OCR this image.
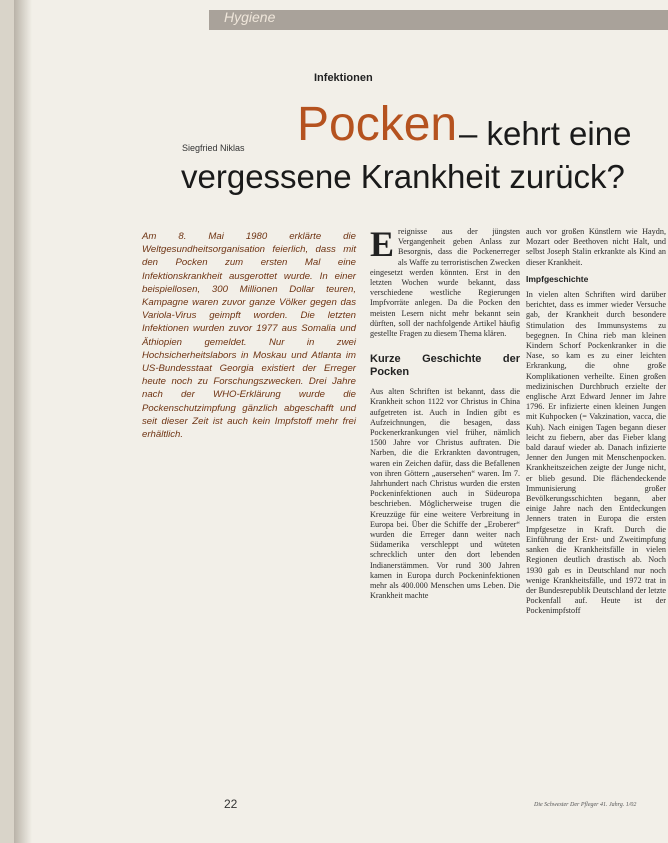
Hygiene
Infektionen
Siegfried Niklas Pocken – kehrt eine
vergessene Krankheit zurück?
Am 8. Mai 1980 erklärte die Weltgesundheitsorganisation feierlich, dass mit den Pocken zum ersten Mal eine Infektionskrankheit ausgerottet wurde. In einer beispiellosen, 300 Millionen Dollar teuren, Kampagne waren zuvor ganze Völker gegen das Variola-Virus geimpft worden. Die letzten Infektionen wurden zuvor 1977 aus Somalia und Äthiopien gemeldet. Nur in zwei Hochsicherheitslabors in Moskau und Atlanta im US-Bundesstaat Georgia existiert der Erreger heute noch zu Forschungszwecken. Drei Jahre nach der WHO-Erklärung wurde die Pockenschutzimpfung gänzlich abgeschafft und seit dieser Zeit ist auch kein Impfstoff mehr frei erhältlich.

Ereignisse aus der jüngsten Vergangenheit geben Anlass zur Besorgnis, dass die Pockenerreger als Waffe zu terroristischen Zwecken eingesetzt werden könnten. Erst in den letzten Wochen wurde bekannt, dass verschiedene westliche Regierungen Impfvorräte anlegen. Da die Pocken den meisten Lesern nicht mehr bekannt sein dürften, soll der nachfolgende Artikel häufig gestellte Fragen zu diesem Thema klären.

Kurze Geschichte der Pocken

Aus alten Schriften ist bekannt, dass die Krankheit schon 1122 vor Christus in China aufgetreten ist. Auch in Indien gibt es Aufzeichnungen, die besagen, dass Pockenerkrankungen viel früher, nämlich 1500 Jahre vor Christus auftraten. Die Narben, die die Erkrankten davontrugen, waren ein Zeichen dafür, dass die Befallenen von ihren Göttern „ausersehen“ waren. Im 7. Jahrhundert nach Christus wurden die ersten Pockeninfektionen auch in Südeuropa beschrieben. Möglicherweise trugen die Kreuzzüge für eine weitere Verbreitung in Europa bei. Über die Schiffe der „Eroberer“ wurden die Erreger dann weiter nach Südamerika verschleppt und wüteten schrecklich unter den dort lebenden Indianerstämmen. Vor rund 300 Jahren kamen in Europa durch Pockeninfektionen mehr als 400.000 Menschen ums Leben. Die Krankheit machte

auch vor großen Künstlern wie Haydn, Mozart oder Beethoven nicht Halt, und selbst Joseph Stalin erkrankte als Kind an dieser Krankheit.

Impfgeschichte

In vielen alten Schriften wird darüber berichtet, dass es immer wieder Versuche gab, der Krankheit durch besondere Stimulation des Immunsystems zu begegnen. In China rieb man kleinen Kindern Schorf Pockenkranker in die Nase, so kam es zu einer leichten Erkrankung, die ohne große Komplikationen verheilte. Einen großen medizinischen Durchbruch erzielte der englische Arzt Edward Jenner im Jahre 1796. Er infizierte einen kleinen Jungen mit Kuhpocken (= Vakzination, vacca, die Kuh). Nach einigen Tagen begann dieser leicht zu fiebern, aber das Fieber klang bald darauf wieder ab. Danach infizierte Jenner den Jungen mit Menschenpocken. Krankheitszeichen zeigte der Junge nicht, er blieb gesund. Die flächendeckende Immunisierung großer Bevölkerungsschichten begann, aber einige Jahre nach den Entdeckungen Jenners traten in Europa die ersten Impfgesetze in Kraft. Durch die Einführung der Erst- und Zweitimpfung sanken die Krankheitsfälle in vielen Regionen deutlich drastisch ab. Noch 1930 gab es in Deutschland nur noch wenige Krankheitsfälle, und 1972 trat in der Bundesrepublik Deutschland der letzte Pockenfall auf. Heute ist der Pockenimpfstoff

22	Die Schwester Der Pfleger 41. Jahrg. 1/02
